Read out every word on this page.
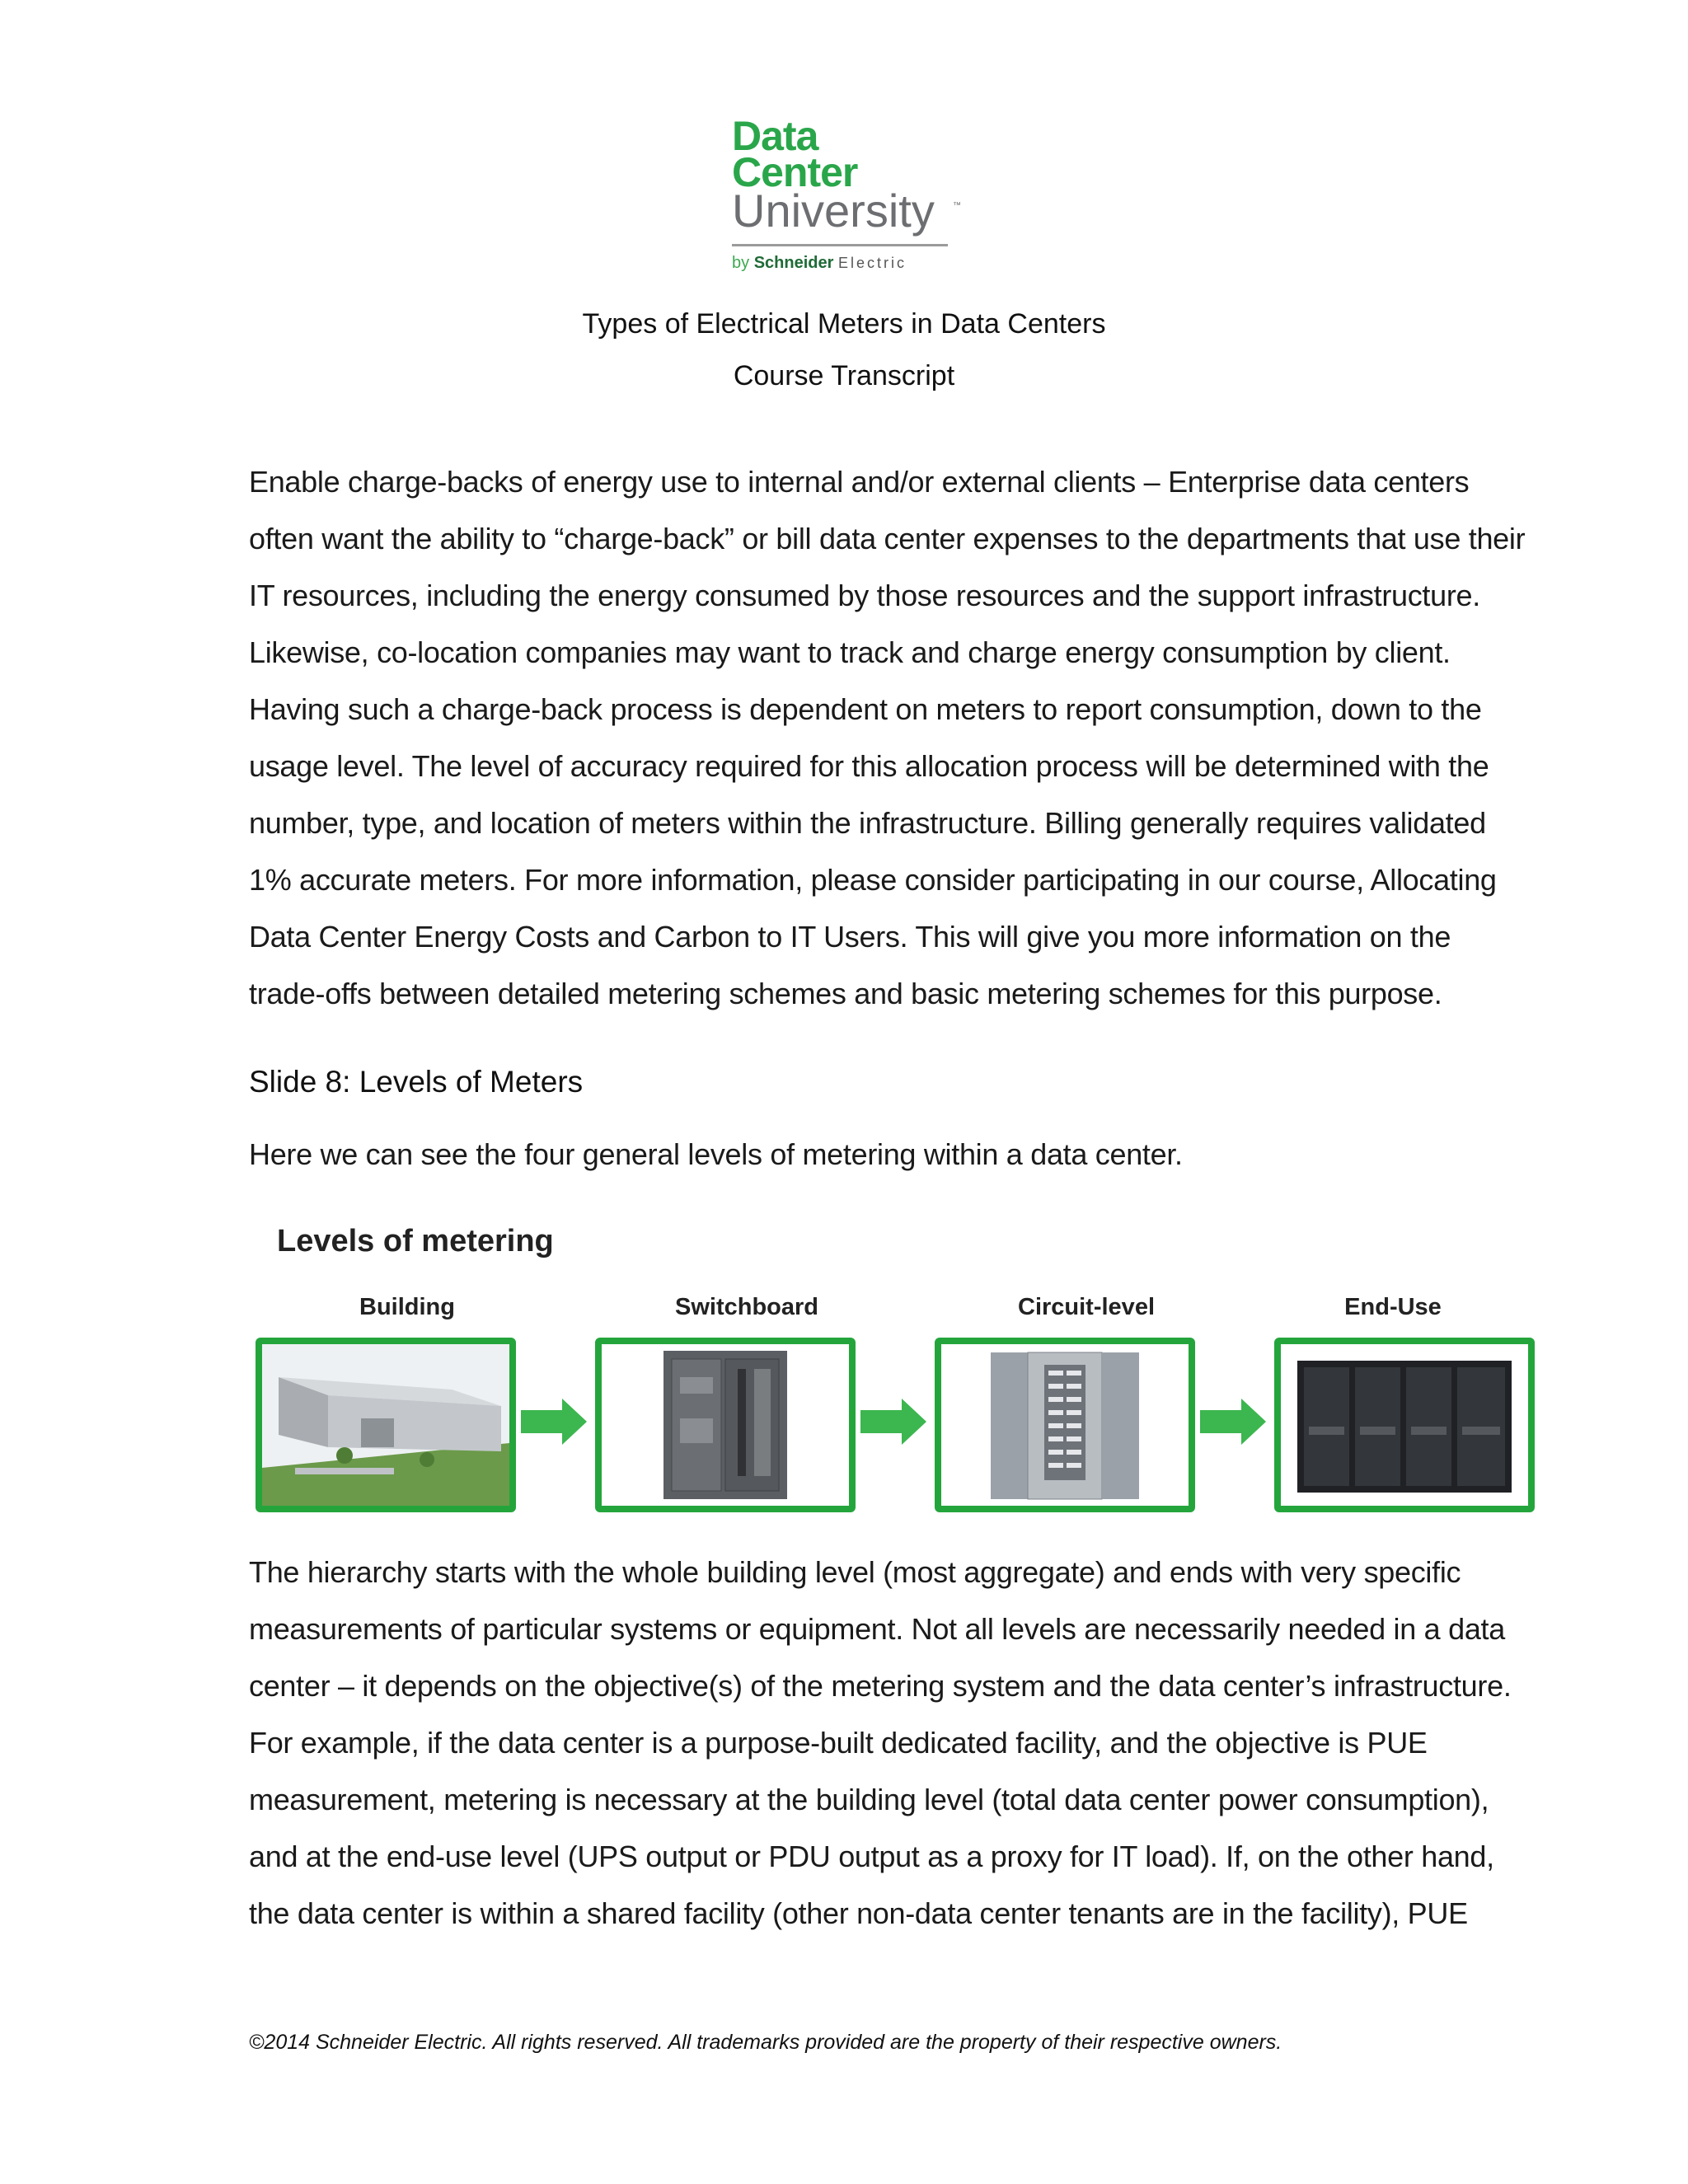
Data
Center
University ™
by Schneider Electric
Types of Electrical Meters in Data Centers
Course Transcript
Enable charge-backs of energy use to internal and/or external clients – Enterprise data centers
often want the ability to “charge-back” or bill data center expenses to the departments that use their
IT resources, including the energy consumed by those resources and the support infrastructure.
Likewise, co-location companies may want to track and charge energy consumption by client.
Having such a charge-back process is dependent on meters to report consumption, down to the
usage level. The level of accuracy required for this allocation process will be determined with the
number, type, and location of meters within the infrastructure. Billing generally requires validated
1% accurate meters. For more information, please consider participating in our course, Allocating
Data Center Energy Costs and Carbon to IT Users. This will give you more information on the
trade-offs between detailed metering schemes and basic metering schemes for this purpose.
Slide 8: Levels of Meters
Here we can see the four general levels of metering within a data center.
Levels of metering
Building	Switchboard	Circuit-level	End-Use
The hierarchy starts with the whole building level (most aggregate) and ends with very specific
measurements of particular systems or equipment. Not all levels are necessarily needed in a data
center – it depends on the objective(s) of the metering system and the data center’s infrastructure.
For example, if the data center is a purpose-built dedicated facility, and the objective is PUE
measurement, metering is necessary at the building level (total data center power consumption),
and at the end-use level (UPS output or PDU output as a proxy for IT load). If, on the other hand,
the data center is within a shared facility (other non-data center tenants are in the facility), PUE
©2014 Schneider Electric. All rights reserved. All trademarks provided are the property of their respective owners.
